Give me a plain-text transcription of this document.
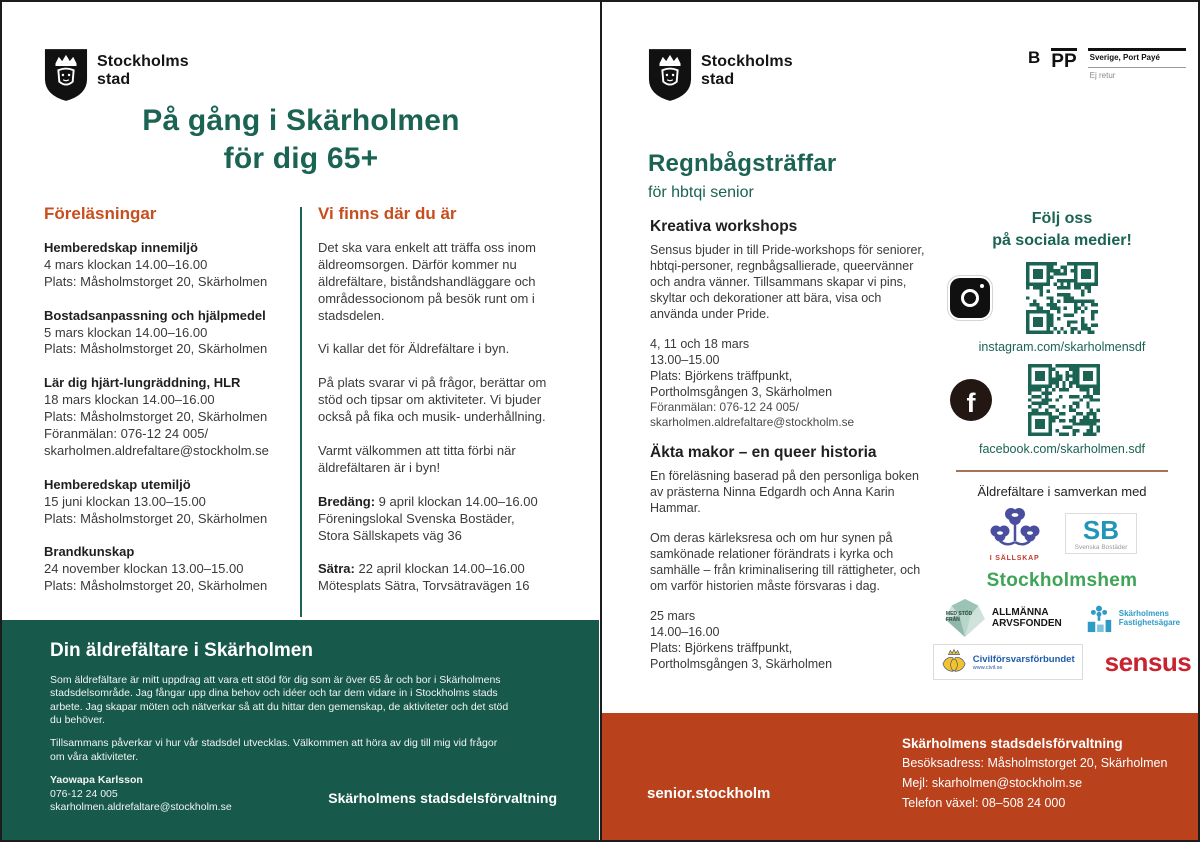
Stockholms
stad
På gång i Skärholmen
för dig 65+
Föreläsningar
Hemberedskap innemiljö
4 mars klockan 14.00–16.00
Plats: Måsholmstorget 20, Skärholmen
Bostadsanpassning och hjälpmedel
5 mars klockan 14.00–16.00
Plats: Måsholmstorget 20, Skärholmen
Lär dig hjärt-lungräddning, HLR
18 mars klockan 14.00–16.00
Plats: Måsholmstorget 20, Skärholmen
Föranmälan: 076-12 24 005/
skarholmen.aldrefaltare@stockholm.se
Hemberedskap utemiljö
15 juni klockan 13.00–15.00
Plats: Måsholmstorget 20, Skärholmen
Brandkunskap
24 november klockan 13.00–15.00
Plats: Måsholmstorget 20, Skärholmen
Vi finns där du är

Det ska vara enkelt att träffa oss inom äldreomsorgen. Därför kommer nu äldrefältare, biståndshandläggare och områdessocionom på besök runt om i stadsdelen.

Vi kallar det för Äldrefältare i byn.

På plats svarar vi på frågor, berättar om stöd och tipsar om aktiviteter. Vi bjuder också på fika och musik- underhållning.

Varmt välkommen att titta förbi när äldrefältaren är i byn!

Bredäng: 9 april klockan 14.00–16.00
Föreningslokal Svenska Bostäder,
Stora Sällskapets väg 36

Sätra: 22 april klockan 14.00–16.00
Mötesplats Sätra, Torvsätravägen 16

Din äldrefältare i Skärholmen

Som äldrefältare är mitt uppdrag att vara ett stöd för dig som är över 65 år och bor i Skärholmens stadsdelsområde. Jag fångar upp dina behov och idéer och tar dem vidare in i Stockholms stads arbete. Jag skapar möten och nätverkar så att du hittar den gemenskap, de aktiviteter och det stöd du behöver.

Tillsammans påverkar vi hur vår stadsdel utvecklas. Välkommen att höra av dig till mig vid frågor om våra aktiviteter.

Yaowapa Karlsson
076-12 24 005
skarholmen.aldrefaltare@stockholm.se
Skärholmens stadsdelsförvaltning
Stockholms
stad
B PP Sverige, Port Payé
Ej retur
Regnbågsträffar
för hbtqi senior
Kreativa workshops

Sensus bjuder in till Pride-workshops för seniorer, hbtqi-personer, regnbågsallierade, queervänner och andra vänner. Tillsammans skapar vi pins, skyltar och dekorationer att bära, visa och använda under Pride.

4, 11 och 18 mars
13.00–15.00
Plats: Björkens träffpunkt,
Portholmsgången 3, Skärholmen
Föranmälan: 076-12 24 005/
skarholmen.aldrefaltare@stockholm.se
Äkta makor – en queer historia

En föreläsning baserad på den personliga boken av prästerna Ninna Edgardh och Anna Karin Hammar.

Om deras kärleksresa och om hur synen på samkönade relationer förändrats i kyrka och samhälle – från kriminalisering till rättigheter, och om varför historien måste försvaras i dag.

25 mars
14.00–16.00
Plats: Björkens träffpunkt,
Portholmsgången 3, Skärholmen
Följ oss
på sociala medier!
instagram.com/skarholmensdf
f
facebook.com/skarholmen.sdf
Äldrefältare i samverkan med
I SÄLLSKAP
SB
Svenska Bostäder
Stockholmshem
MED STÖD FRÅN
ALLMÄNNA
ARVSFONDEN
Skärholmens
Fastighetsägare
Civilförsvarsförbundet
www.civil.se	sensus
senior.stockholm
Skärholmens stadsdelsförvaltning
Besöksadress: Måsholmstorget 20, Skärholmen
Mejl: skarholmen@stockholm.se
Telefon växel: 08–508 24 000
